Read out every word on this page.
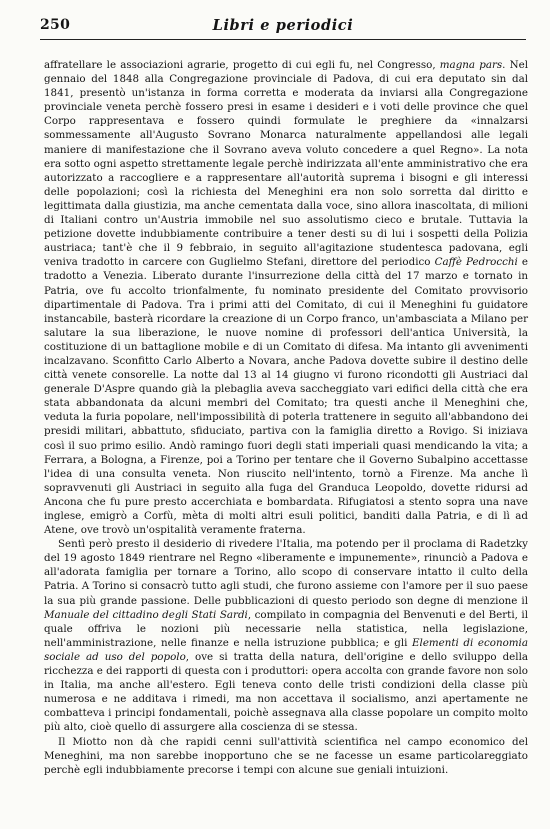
250	Libri e periodici

affratellare le associazioni agrarie, progetto di cui egli fu, nel Congresso, magna pars. Nel gennaio del 1848 alla Congregazione provinciale di Padova, di cui era deputato sin dal 1841, presentò un'istanza in forma corretta e moderata da inviarsi alla Congregazione provinciale veneta perchè fossero presi in esame i desideri e i voti delle province che quel Corpo rappresentava e fossero quindi formulate le preghiere da «innalzarsi sommessamente all'Augusto Sovrano Monarca naturalmente appellandosi alle legali maniere di manifestazione che il Sovrano aveva voluto concedere a quel Regno». La nota era sotto ogni aspetto strettamente legale perchè indirizzata all'ente amministrativo che era autorizzato a raccogliere e a rappresentare all'autorità suprema i bisogni e gli interessi delle popolazioni; così la richiesta del Meneghini era non solo sorretta dal diritto e legittimata dalla giustizia, ma anche cementata dalla voce, sino allora inascoltata, di milioni di Italiani contro un'Austria immobile nel suo assolutismo cieco e brutale. Tuttavia la petizione dovette indubbiamente contribuire a tener desti su di lui i sospetti della Polizia austriaca; tant'è che il 9 febbraio, in seguito all'agitazione studentesca padovana, egli veniva tradotto in carcere con Guglielmo Stefani, direttore del periodico Caffè Pedrocchi e tradotto a Venezia. Liberato durante l'insurrezione della città del 17 marzo e tornato in Patria, ove fu accolto trionfalmente, fu nominato presidente del Comitato provvisorio dipartimentale di Padova. Tra i primi atti del Comitato, di cui il Meneghini fu guidatore instancabile, basterà ricordare la creazione di un Corpo franco, un'ambasciata a Milano per salutare la sua liberazione, le nuove nomine di professori dell'antica Università, la costituzione di un battaglione mobile e di un Comitato di difesa. Ma intanto gli avvenimenti incalzavano. Sconfitto Carlo Alberto a Novara, anche Padova dovette subire il destino delle città venete consorelle. La notte dal 13 al 14 giugno vi furono ricondotti gli Austriaci dal generale D'Aspre quando già la plebaglia aveva saccheggiato vari edifici della città che era stata abbandonata da alcuni membri del Comitato; tra questi anche il Meneghini che, veduta la furia popolare, nell'impossibilità di poterla trattenere in seguito all'abbandono dei presidi militari, abbattuto, sfiduciato, partiva con la famiglia diretto a Rovigo. Si iniziava così il suo primo esilio. Andò ramingo fuori degli stati imperiali quasi mendicando la vita; a Ferrara, a Bologna, a Firenze, poi a Torino per tentare che il Governo Subalpino accettasse l'idea di una consulta veneta. Non riuscito nell'intento, tornò a Firenze. Ma anche lì sopravvenuti gli Austriaci in seguito alla fuga del Granduca Leopoldo, dovette ridursi ad Ancona che fu pure presto accerchiata e bombardata. Rifugiatosi a stento sopra una nave inglese, emigrò a Corfù, mèta di molti altri esuli politici, banditi dalla Patria, e di lì ad Atene, ove trovò un'ospitalità veramente fraterna.

Sentì però presto il desiderio di rivedere l'Italia, ma potendo per il proclama di Radetzky del 19 agosto 1849 rientrare nel Regno «liberamente e impunemente», rinunciò a Padova e all'adorata famiglia per tornare a Torino, allo scopo di conservare intatto il culto della Patria. A Torino si consacrò tutto agli studi, che furono assieme con l'amore per il suo paese la sua più grande passione. Delle pubblicazioni di questo periodo son degne di menzione il Manuale del cittadino degli Stati Sardi, compilato in compagnia del Benvenuti e del Berti, il quale offriva le nozioni più necessarie nella statistica, nella legislazione, nell'amministrazione, nelle finanze e nella istruzione pubblica; e gli Elementi di economia sociale ad uso del popolo, ove si tratta della natura, dell'origine e dello sviluppo della ricchezza e dei rapporti di questa con i produttori: opera accolta con grande favore non solo in Italia, ma anche all'estero. Egli teneva conto delle tristi condizioni della classe più numerosa e ne additava i rimedi, ma non accettava il socialismo, anzi apertamente ne combatteva i principi fondamentali, poichè assegnava alla classe popolare un compito molto più alto, cioè quello di assurgere alla coscienza di se stessa.

Il Miotto non dà che rapidi cenni sull'attività scientifica nel campo economico del Meneghini, ma non sarebbe inopportuno che se ne facesse un esame particolareggiato perchè egli indubbiamente precorse i tempi con alcune sue geniali intuizioni.
